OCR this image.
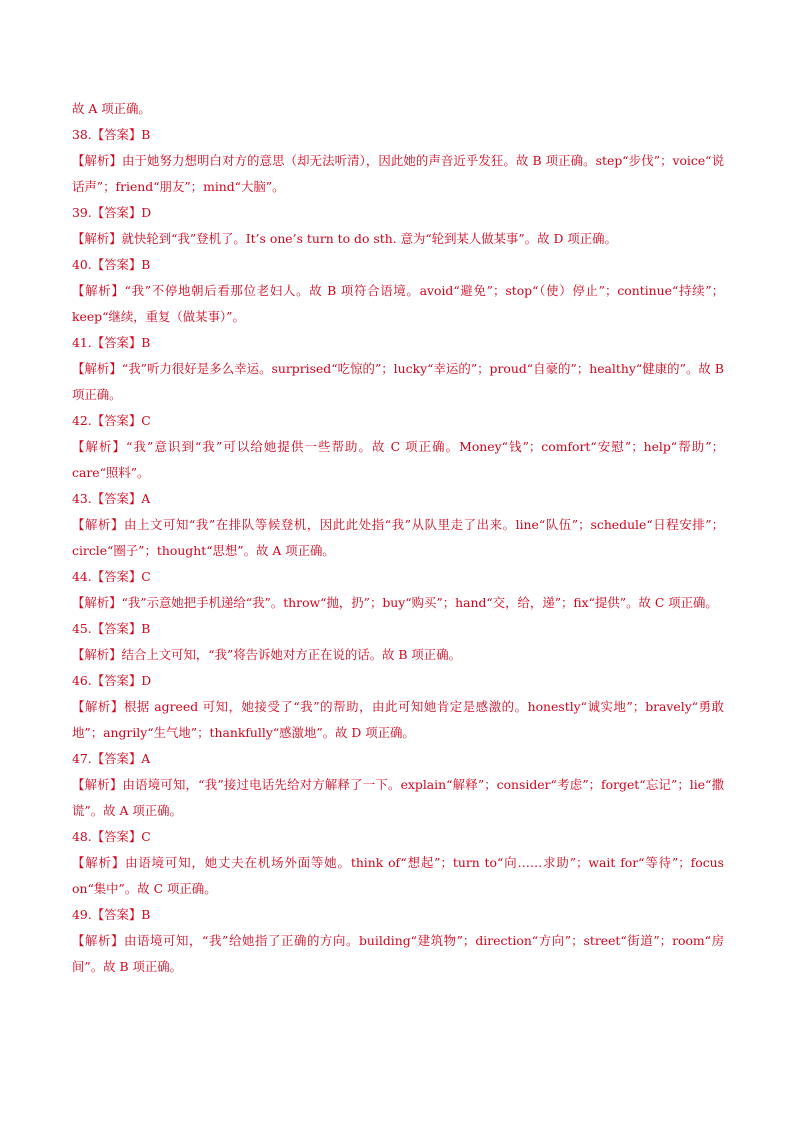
故 A 项正确。

38.【答案】B

【解析】由于她努力想明白对方的意思（却无法听清），因此她的声音近乎发狂。故 B 项正确。step“步伐”；voice“说话声”；friend“朋友”；mind“大脑”。

39.【答案】D

【解析】就快轮到“我”登机了。It’s one’s turn to do sth. 意为“轮到某人做某事”。故 D 项正确。

40.【答案】B

【解析】“我”不停地朝后看那位老妇人。故 B 项符合语境。avoid“避免”；stop“（使）停止”；continue“持续”；keep“继续，重复（做某事）”。

41.【答案】B

【解析】“我”听力很好是多么幸运。surprised“吃惊的”；lucky“幸运的”；proud“自豪的”；healthy“健康的”。故 B 项正确。

42.【答案】C

【解析】“我”意识到“我”可以给她提供一些帮助。故 C 项正确。Money“钱”；comfort“安慰”；help“帮助”；care“照料”。

43.【答案】A

【解析】由上文可知“我”在排队等候登机，因此此处指“我”从队里走了出来。line“队伍”；schedule“日程安排”；circle“圈子”；thought“思想”。故 A 项正确。

44.【答案】C

【解析】“我”示意她把手机递给“我”。throw“抛，扔”；buy“购买”；hand“交，给，递”；fix“提供”。故 C 项正确。

45.【答案】B

【解析】结合上文可知，“我”将告诉她对方正在说的话。故 B 项正确。

46.【答案】D

【解析】根据 agreed 可知，她接受了“我”的帮助，由此可知她肯定是感激的。honestly“诚实地”；bravely“勇敢地”；angrily“生气地”；thankfully“感激地”。故 D 项正确。

47.【答案】A

【解析】由语境可知，“我”接过电话先给对方解释了一下。explain“解释”；consider“考虑”；forget“忘记”；lie“撒谎”。故 A 项正确。

48.【答案】C

【解析】由语境可知，她丈夫在机场外面等她。think of“想起”；turn to“向……求助”；wait for“等待”；focus on“集中”。故 C 项正确。

49.【答案】B

【解析】由语境可知，“我”给她指了正确的方向。building“建筑物”；direction“方向”；street“街道”；room“房间”。故 B 项正确。
